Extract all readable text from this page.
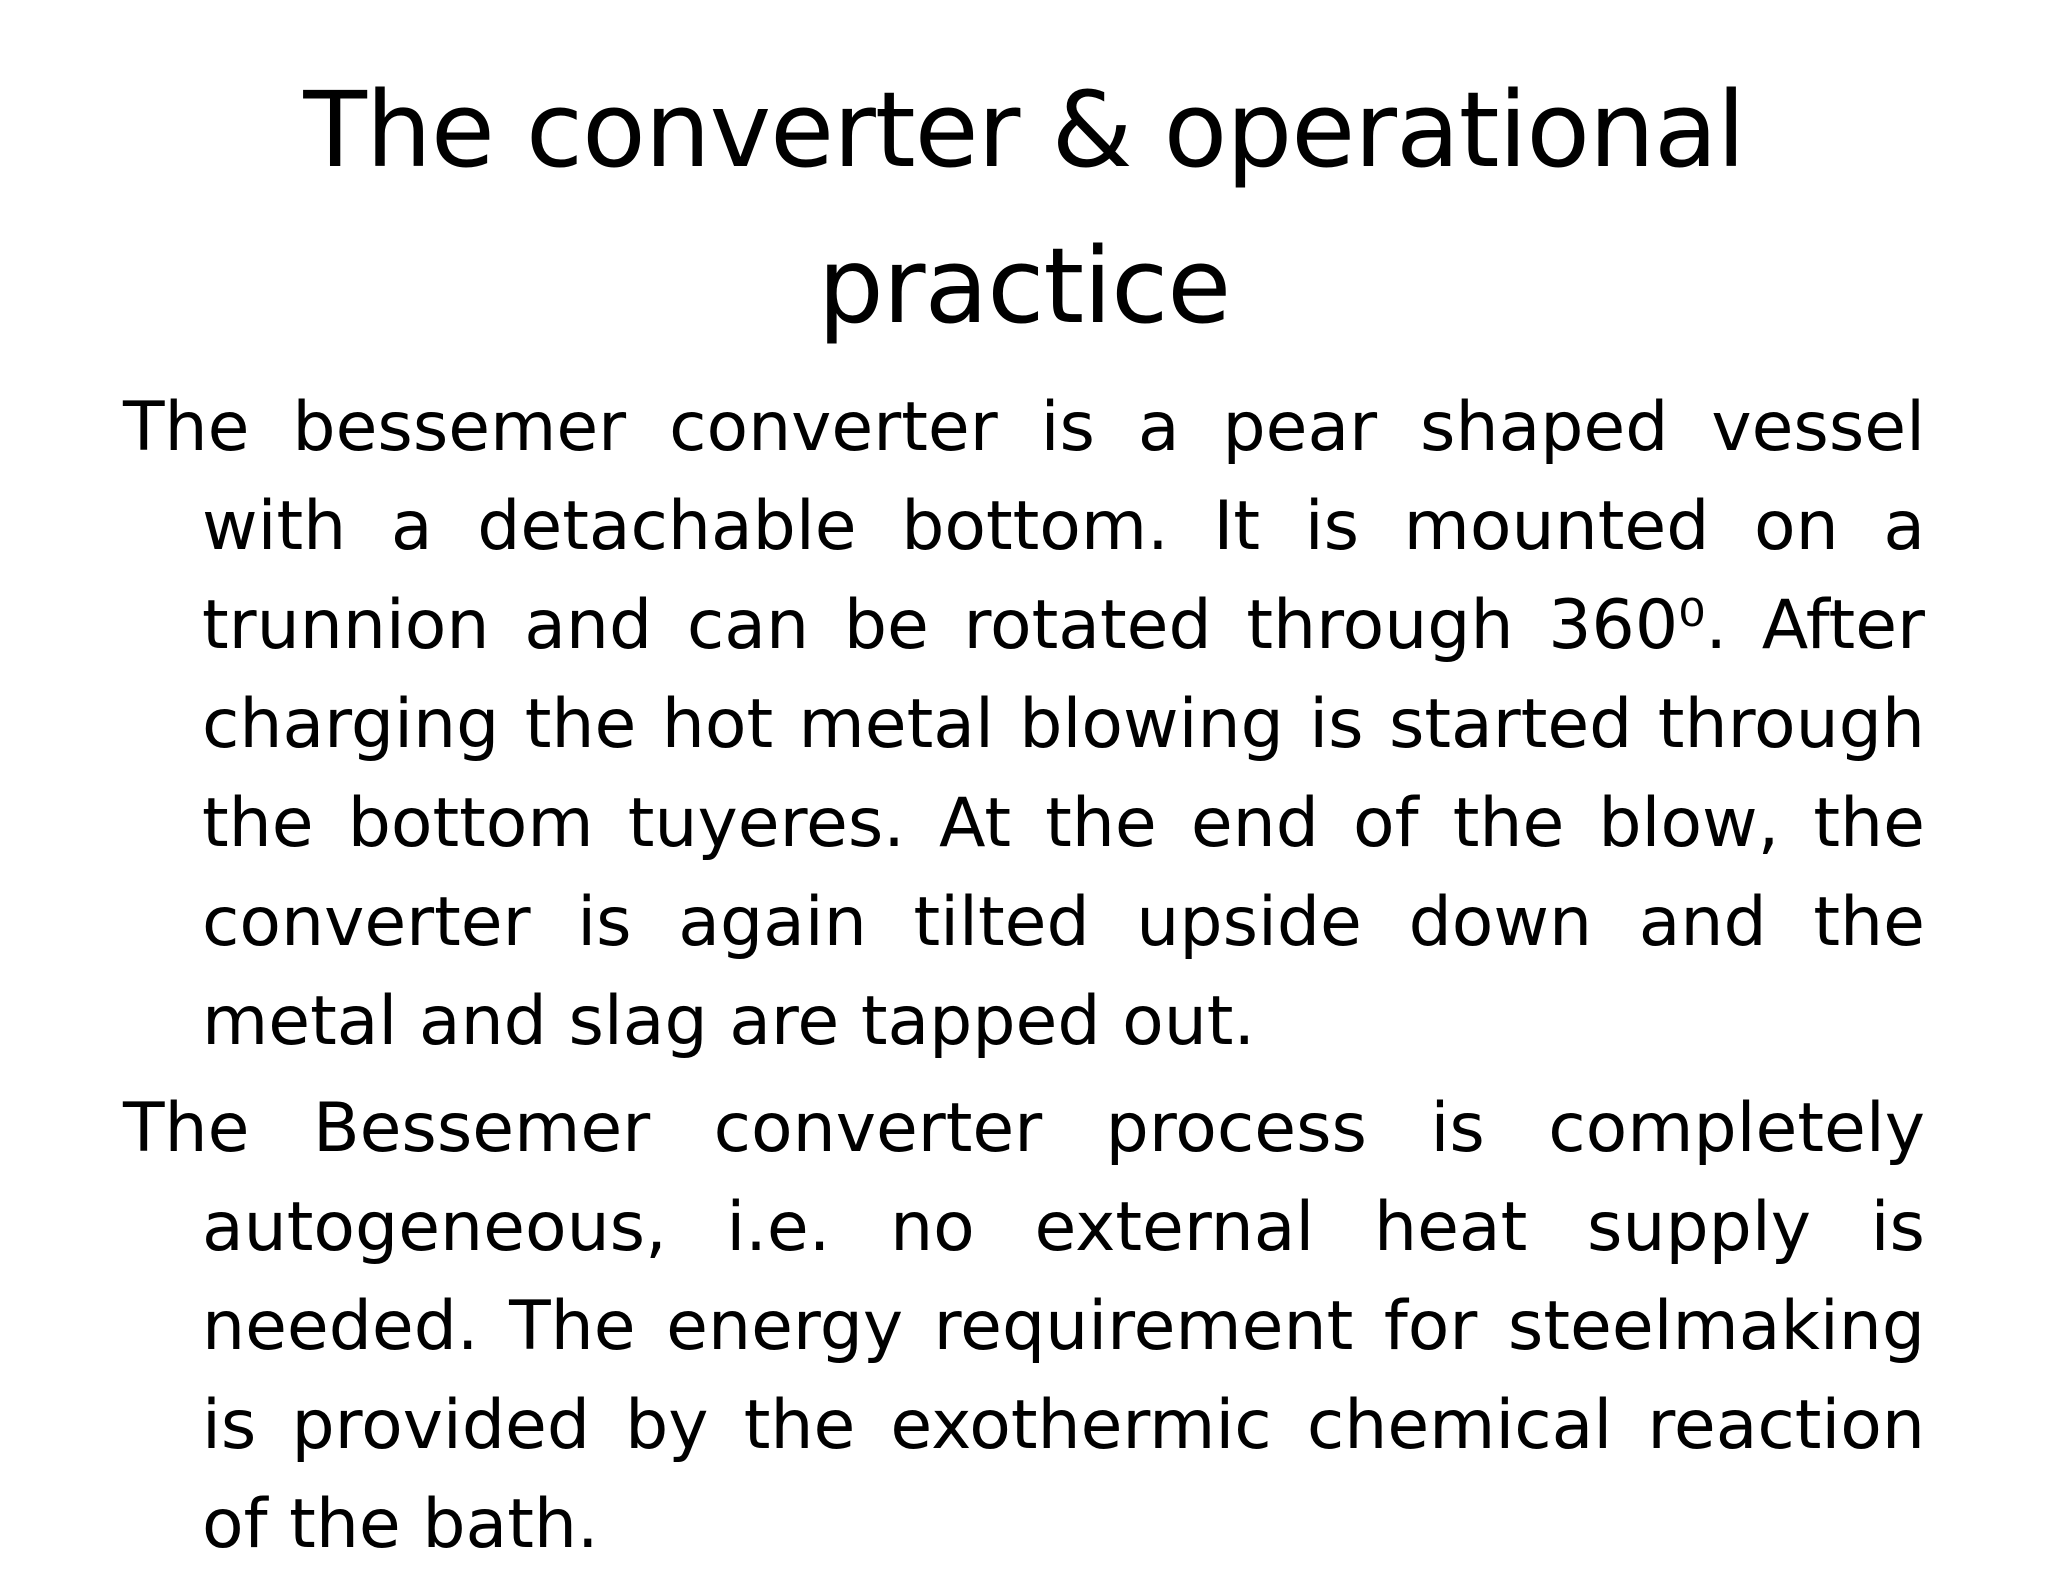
The converter & operational practice

The bessemer converter is a pear shaped vessel with a detachable bottom. It is mounted on a trunnion and can be rotated through 360⁰. After charging the hot metal blowing is started through the bottom tuyeres. At the end of the blow, the converter is again tilted upside down and the metal and slag are tapped out.

The Bessemer converter process is completely autogeneous, i.e. no external heat supply is needed. The energy requirement for steelmaking is provided by the exothermic chemical reaction of the bath.
